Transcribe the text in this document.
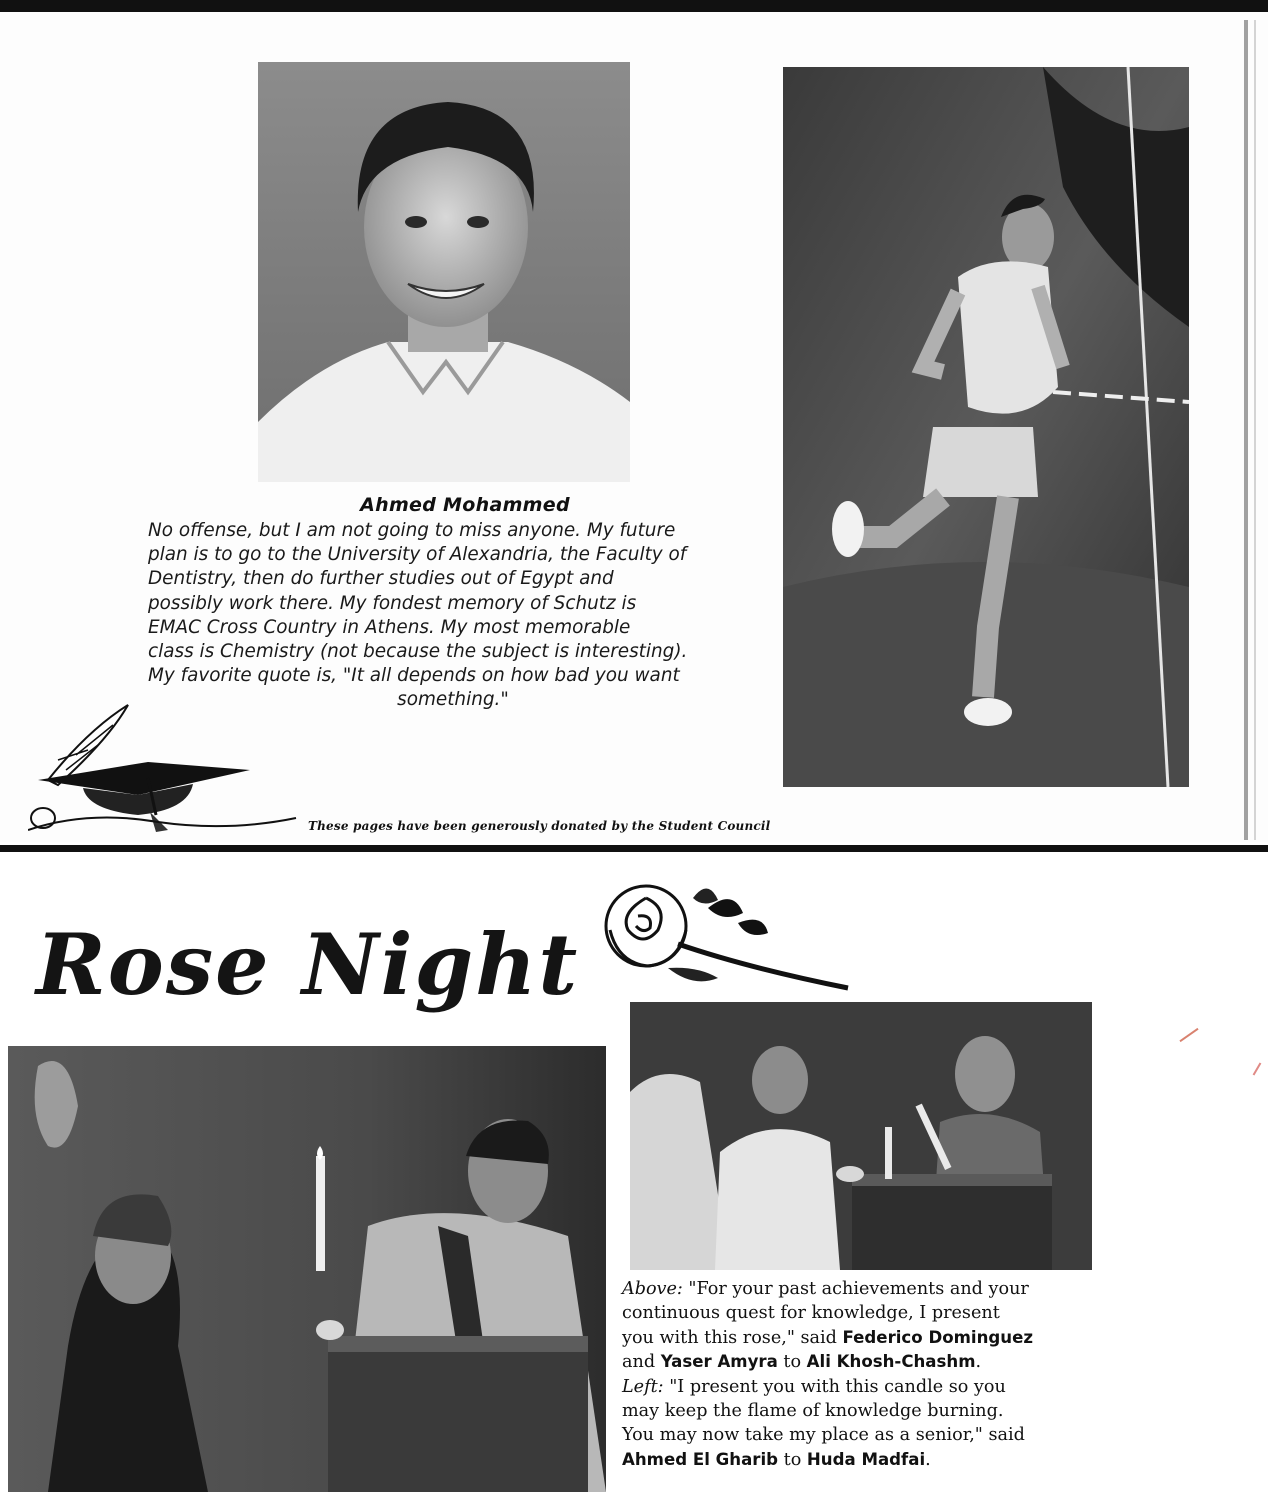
Ahmed Mohammed
No offense, but I am not going to miss anyone. My future
plan is to go to the University of Alexandria, the Faculty of
Dentistry, then do further studies out of Egypt and
possibly work there. My fondest memory of Schutz is
EMAC Cross Country in Athens. My most memorable
class is Chemistry (not because the subject is interesting).
My favorite quote is, "It all depends on how bad you want
something."
These pages have been generously donated by the Student Council
Rose Night
Above: "For your past achievements and your
continuous quest for knowledge, I present
you with this rose," said Federico Dominguez
and Yaser Amyra to Ali Khosh-Chashm.
Left: "I present you with this candle so you
may keep the flame of knowledge burning.
You may now take my place as a senior," said
Ahmed El Gharib to Huda Madfai.
